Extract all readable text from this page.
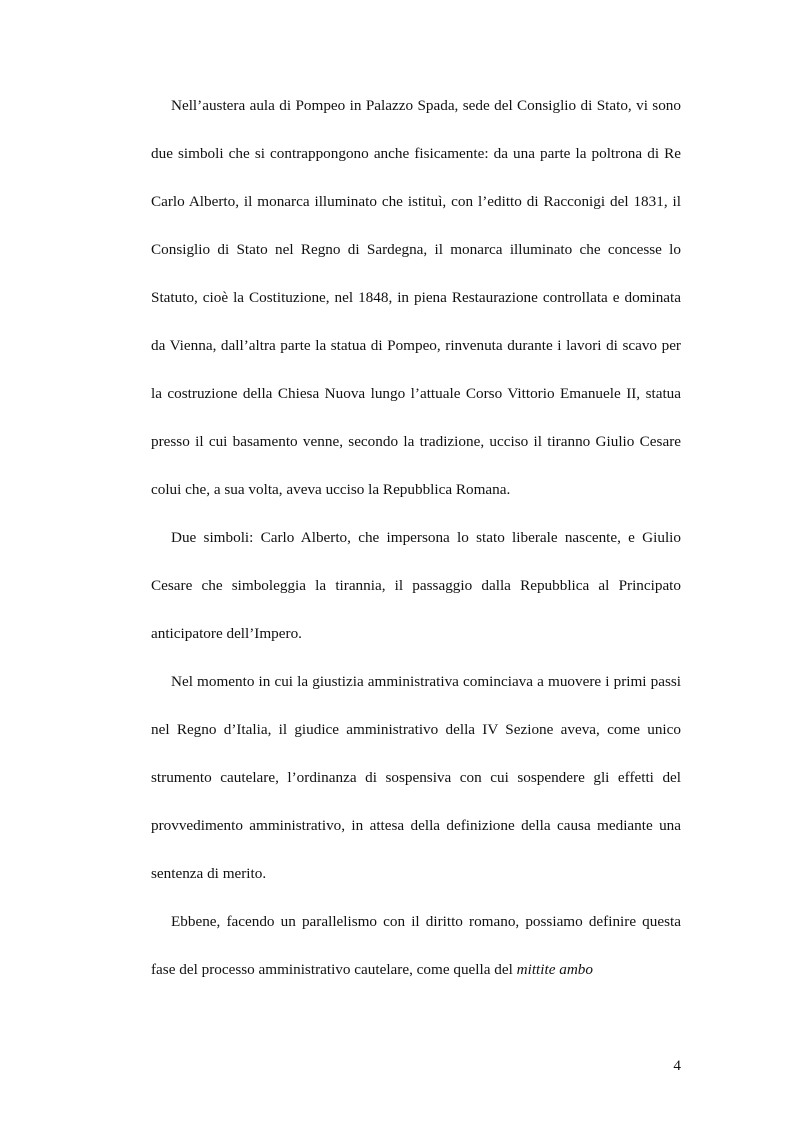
Nell’austera aula di Pompeo in Palazzo Spada, sede del Consiglio di Stato, vi sono due simboli che si contrappongono anche fisicamente: da una parte la poltrona di Re Carlo Alberto, il monarca illuminato che istituì, con l’editto di Racconigi del 1831, il Consiglio di Stato nel Regno di Sardegna, il monarca illuminato che concesse lo Statuto, cioè la Costituzione, nel 1848, in piena Restaurazione controllata e dominata da Vienna, dall’altra parte la statua di Pompeo, rinvenuta durante i lavori di scavo per la costruzione della Chiesa Nuova lungo l’attuale Corso Vittorio Emanuele II, statua presso il cui basamento venne, secondo la tradizione, ucciso il tiranno Giulio Cesare colui che, a sua volta, aveva ucciso la Repubblica Romana.

Due simboli: Carlo Alberto, che impersona lo stato liberale nascente, e Giulio Cesare che simboleggia la tirannia, il passaggio dalla Repubblica al Principato anticipatore dell’Impero.

Nel momento in cui la giustizia amministrativa cominciava a muovere i primi passi nel Regno d’Italia, il giudice amministrativo della IV Sezione aveva, come unico strumento cautelare, l’ordinanza di sospensiva con cui sospendere gli effetti del provvedimento amministrativo, in attesa della definizione della causa mediante una sentenza di merito.

Ebbene, facendo un parallelismo con il diritto romano, possiamo definire questa fase del processo amministrativo cautelare, come quella del mittite ambo

4
